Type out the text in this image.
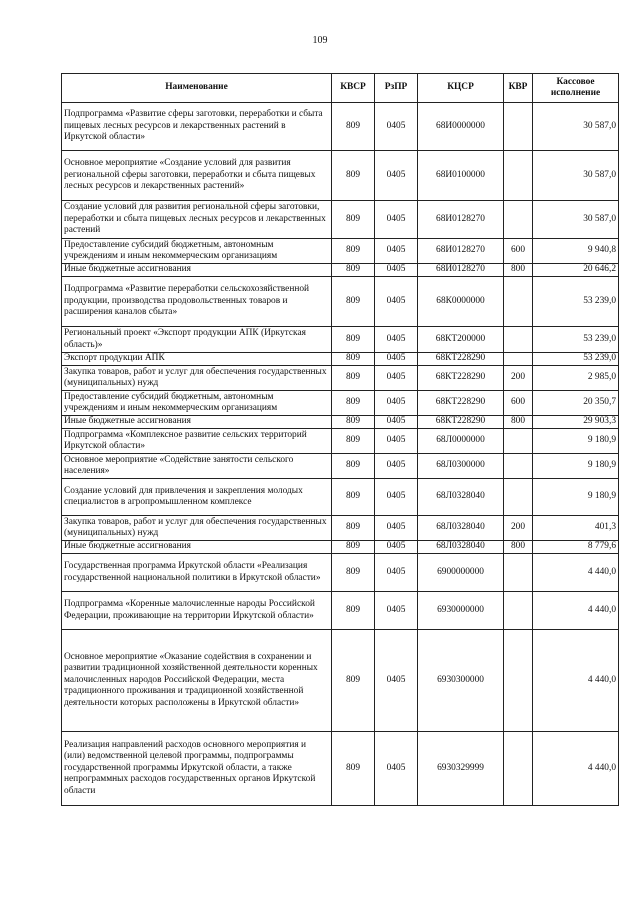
109
Наименование	КВСР	РзПР	КЦСР	КВР	Кассовое исполнение
Подпрограмма «Развитие сферы заготовки, переработки и сбыта пищевых лесных ресурсов и лекарственных растений в Иркутской области»	809	0405	68И0000000		30 587,0
Основное мероприятие «Создание условий для развития региональной сферы заготовки, переработки и сбыта пищевых лесных ресурсов и лекарственных растений»	809	0405	68И0100000		30 587,0
Создание условий для развития региональной сферы заготовки, переработки и сбыта пищевых лесных ресурсов и лекарственных растений	809	0405	68И0128270		30 587,0
Предоставление субсидий бюджетным, автономным учреждениям и иным некоммерческим организациям	809	0405	68И0128270	600	9 940,8
Иные бюджетные ассигнования	809	0405	68И0128270	800	20 646,2
Подпрограмма «Развитие переработки сельскохозяйственной продукции, производства продовольственных товаров и расширения каналов сбыта»	809	0405	68К0000000		53 239,0
Региональный проект «Экспорт продукции АПК (Иркутская область)»	809	0405	68КТ200000		53 239,0
Экспорт продукции АПК	809	0405	68КТ228290		53 239,0
Закупка товаров, работ и услуг для обеспечения государственных (муниципальных) нужд	809	0405	68КТ228290	200	2 985,0
Предоставление субсидий бюджетным, автономным учреждениям и иным некоммерческим организациям	809	0405	68КТ228290	600	20 350,7
Иные бюджетные ассигнования	809	0405	68КТ228290	800	29 903,3
Подпрограмма «Комплексное развитие сельских территорий Иркутской области»	809	0405	68Л0000000		9 180,9
Основное мероприятие «Содействие занятости сельского населения»	809	0405	68Л0300000		9 180,9
Создание условий для привлечения и закрепления молодых специалистов в агропромышленном комплексе	809	0405	68Л0328040		9 180,9
Закупка товаров, работ и услуг для обеспечения государственных (муниципальных) нужд	809	0405	68Л0328040	200	401,3
Иные бюджетные ассигнования	809	0405	68Л0328040	800	8 779,6
Государственная программа Иркутской области «Реализация государственной национальной политики в Иркутской области»	809	0405	6900000000		4 440,0
Подпрограмма «Коренные малочисленные народы Российской Федерации, проживающие на территории Иркутской области»	809	0405	6930000000		4 440,0
Основное мероприятие «Оказание содействия в сохранении и развитии традиционной хозяйственной деятельности коренных малочисленных народов Российской Федерации, места традиционного проживания и традиционной хозяйственной деятельности которых расположены в Иркутской области»	809	0405	6930300000		4 440,0
Реализация направлений расходов основного мероприятия и (или) ведомственной целевой программы, подпрограммы государственной программы Иркутской области, а также непрограммных расходов государственных органов Иркутской области	809	0405	6930329999		4 440,0
